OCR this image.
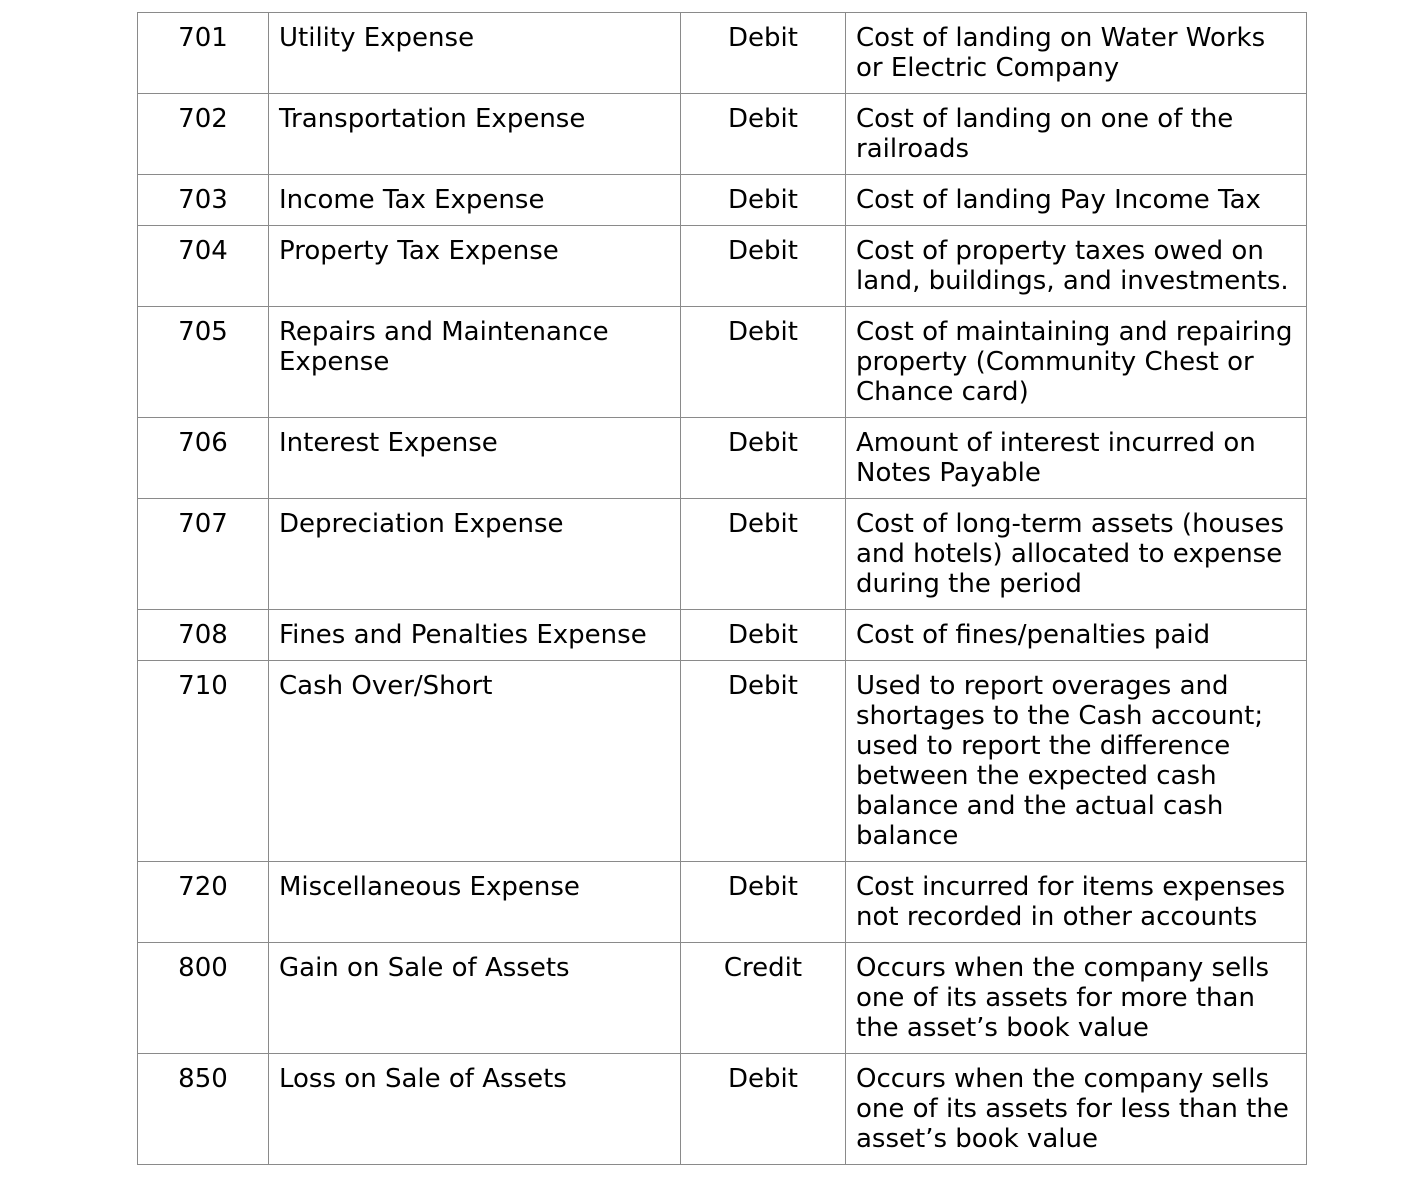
701	Utility Expense	Debit	Cost of landing on Water Works or Electric Company
702	Transportation Expense	Debit	Cost of landing on one of the railroads
703	Income Tax Expense	Debit	Cost of landing Pay Income Tax
704	Property Tax Expense	Debit	Cost of property taxes owed on land, buildings, and investments.
705	Repairs and Maintenance Expense	Debit	Cost of maintaining and repairing property (Community Chest or Chance card)
706	Interest Expense	Debit	Amount of interest incurred on Notes Payable
707	Depreciation Expense	Debit	Cost of long-term assets (houses and hotels) allocated to expense during the period
708	Fines and Penalties Expense	Debit	Cost of fines/penalties paid
710	Cash Over/Short	Debit	Used to report overages and shortages to the Cash account; used to report the difference between the expected cash balance and the actual cash balance
720	Miscellaneous Expense	Debit	Cost incurred for items expenses not recorded in other accounts
800	Gain on Sale of Assets	Credit	Occurs when the company sells one of its assets for more than the asset’s book value
850	Loss on Sale of Assets	Debit	Occurs when the company sells one of its assets for less than the asset’s book value
